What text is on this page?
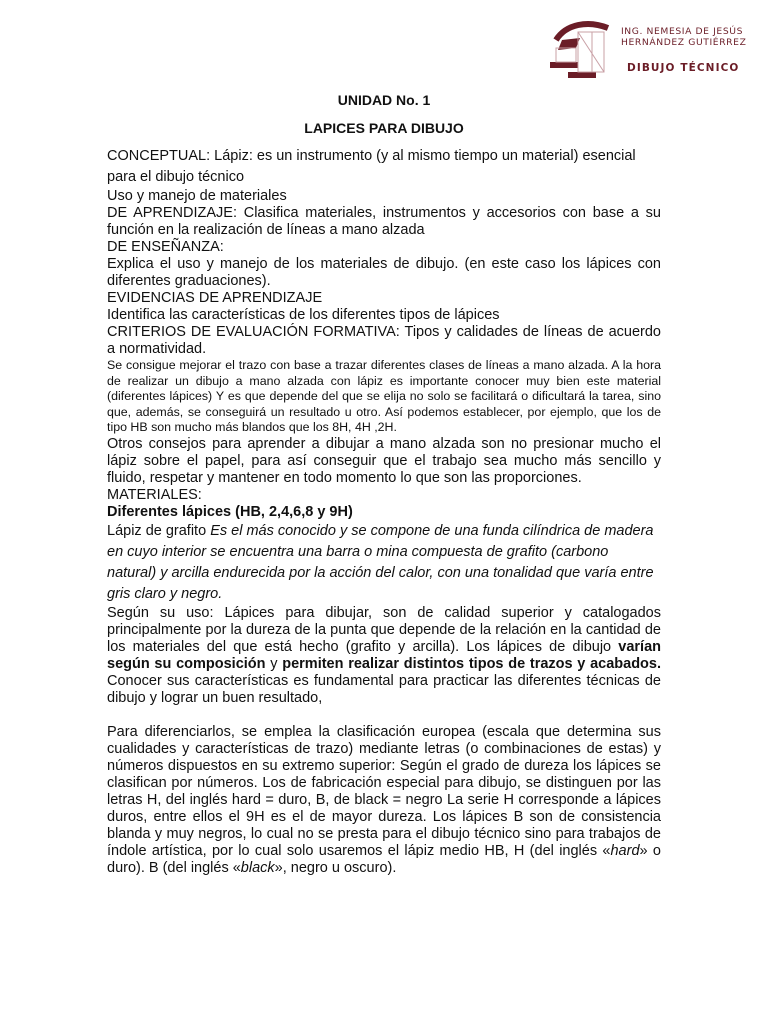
ING. NEMESIA DE JESÚS
HERNÁNDEZ GUTIÉRREZ
DIBUJO TÉCNICO
UNIDAD No. 1
LAPICES PARA DIBUJO

CONCEPTUAL: Lápiz: es un instrumento (y al mismo tiempo un material) esencial para el dibujo técnico

Uso y manejo de materiales

DE APRENDIZAJE: Clasifica materiales, instrumentos y accesorios con base a su función en la realización de líneas a mano alzada

DE ENSEÑANZA:

Explica el uso y manejo de los materiales de dibujo. (en este caso los lápices con diferentes graduaciones).

EVIDENCIAS DE APRENDIZAJE

Identifica las características de los diferentes tipos de lápices

CRITERIOS DE EVALUACIÓN FORMATIVA: Tipos y calidades de líneas de acuerdo a normatividad.

Se consigue mejorar el trazo con base a trazar diferentes clases de líneas a mano alzada. A la hora de realizar un dibujo a mano alzada con lápiz es importante conocer muy bien este material (diferentes lápices) Y es que depende del que se elija no solo se facilitará o dificultará la tarea, sino que, además, se conseguirá un resultado u otro. Así podemos establecer, por ejemplo, que los de tipo HB son mucho más blandos que los 8H, 4H ,2H.

Otros consejos para aprender a dibujar a mano alzada son no presionar mucho el lápiz sobre el papel, para así conseguir que el trabajo sea mucho más sencillo y fluido, respetar y mantener en todo momento lo que son las proporciones.

MATERIALES:

Diferentes lápices (HB, 2,4,6,8 y 9H)

Lápiz de grafito Es el más conocido y se compone de una funda cilíndrica de madera en cuyo interior se encuentra una barra o mina compuesta de grafito (carbono natural) y arcilla endurecida por la acción del calor, con una tonalidad que varía entre gris claro y negro.

Según su uso: Lápices para dibujar, son de calidad superior y catalogados principalmente por la dureza de la punta que depende de la relación en la cantidad de los materiales del que está hecho (grafito y arcilla). Los lápices de dibujo varían según su composición y permiten realizar distintos tipos de trazos y acabados. Conocer sus características es fundamental para practicar las diferentes técnicas de dibujo y lograr un buen resultado,

Para diferenciarlos, se emplea la clasificación europea (escala que determina sus cualidades y características de trazo) mediante letras (o combinaciones de estas) y números dispuestos en su extremo superior: Según el grado de dureza los lápices se clasifican por números. Los de fabricación especial para dibujo, se distinguen por las letras H, del inglés hard = duro, B, de black = negro La serie H corresponde a lápices duros, entre ellos el 9H es el de mayor dureza. Los lápices B son de consistencia blanda y muy negros, lo cual no se presta para el dibujo técnico sino para trabajos de índole artística, por lo cual solo usaremos el lápiz medio HB, H (del inglés «hard» o duro). B (del inglés «black», negro u oscuro).
